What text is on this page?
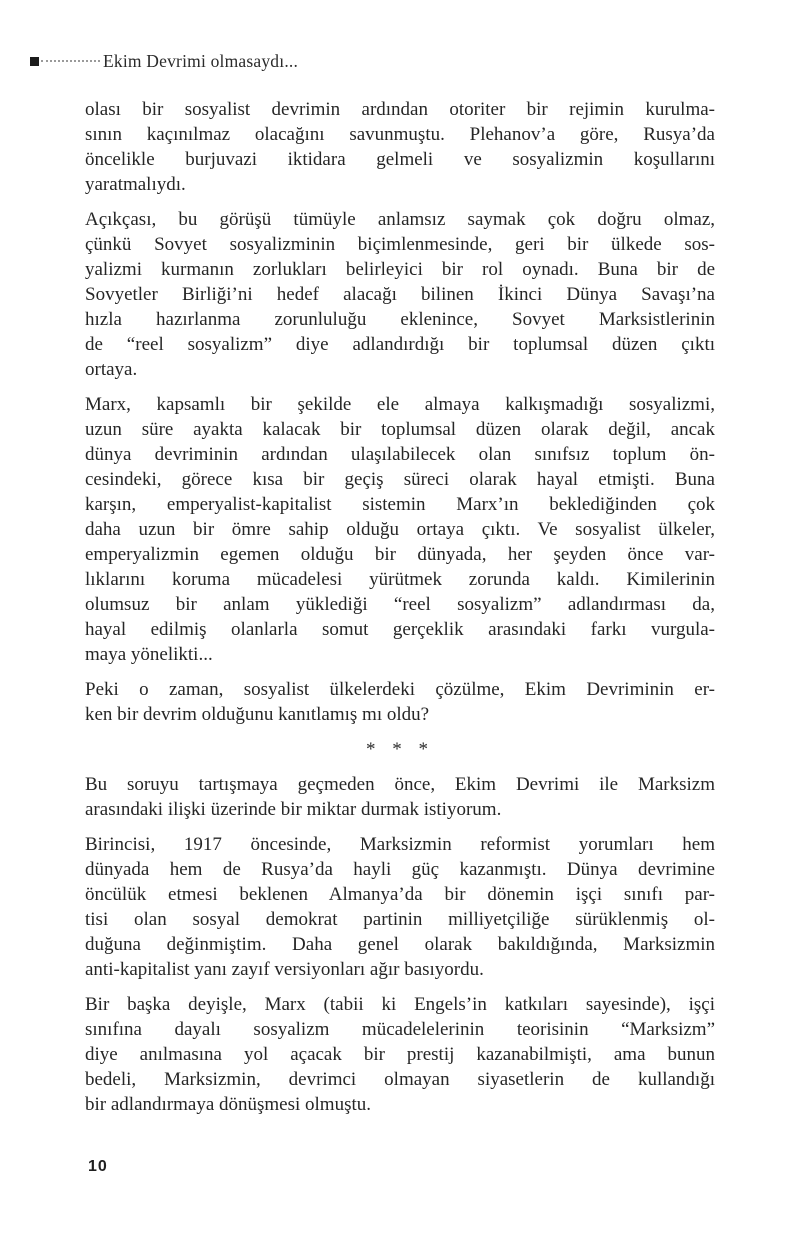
Ekim Devrimi olmasaydı...

olası bir sosyalist devrimin ardından otoriter bir rejimin kurulma-
sının kaçınılmaz olacağını savunmuştu. Plehanov’a göre, Rusya’da
öncelikle burjuvazi iktidara gelmeli ve sosyalizmin koşullarını
yaratmalıydı.

Açıkçası, bu görüşü tümüyle anlamsız saymak çok doğru olmaz,
çünkü Sovyet sosyalizminin biçimlenmesinde, geri bir ülkede sos-
yalizmi kurmanın zorlukları belirleyici bir rol oynadı. Buna bir de
Sovyetler Birliği’ni hedef alacağı bilinen İkinci Dünya Savaşı’na
hızla hazırlanma zorunluluğu eklenince, Sovyet Marksistlerinin
de “reel sosyalizm” diye adlandırdığı bir toplumsal düzen çıktı
ortaya.

Marx, kapsamlı bir şekilde ele almaya kalkışmadığı sosyalizmi,
uzun süre ayakta kalacak bir toplumsal düzen olarak değil, ancak
dünya devriminin ardından ulaşılabilecek olan sınıfsız toplum ön-
cesindeki, görece kısa bir geçiş süreci olarak hayal etmişti. Buna
karşın, emperyalist-kapitalist sistemin Marx’ın beklediğinden çok
daha uzun bir ömre sahip olduğu ortaya çıktı. Ve sosyalist ülkeler,
emperyalizmin egemen olduğu bir dünyada, her şeyden önce var-
lıklarını koruma mücadelesi yürütmek zorunda kaldı. Kimilerinin
olumsuz bir anlam yüklediği “reel sosyalizm” adlandırması da,
hayal edilmiş olanlarla somut gerçeklik arasındaki farkı vurgula-
maya yönelikti...

Peki o zaman, sosyalist ülkelerdeki çözülme, Ekim Devriminin er-
ken bir devrim olduğunu kanıtlamış mı oldu?

* * *

Bu soruyu tartışmaya geçmeden önce, Ekim Devrimi ile Marksizm
arasındaki ilişki üzerinde bir miktar durmak istiyorum.

Birincisi, 1917 öncesinde, Marksizmin reformist yorumları hem
dünyada hem de Rusya’da hayli güç kazanmıştı. Dünya devrimine
öncülük etmesi beklenen Almanya’da bir dönemin işçi sınıfı par-
tisi olan sosyal demokrat partinin milliyetçiliğe sürüklenmiş ol-
duğuna değinmiştim. Daha genel olarak bakıldığında, Marksizmin
anti-kapitalist yanı zayıf versiyonları ağır basıyordu.

Bir başka deyişle, Marx (tabii ki Engels’in katkıları sayesinde), işçi
sınıfına dayalı sosyalizm mücadelelerinin teorisinin “Marksizm”
diye anılmasına yol açacak bir prestij kazanabilmişti, ama bunun
bedeli, Marksizmin, devrimci olmayan siyasetlerin de kullandığı
bir adlandırmaya dönüşmesi olmuştu.

10
